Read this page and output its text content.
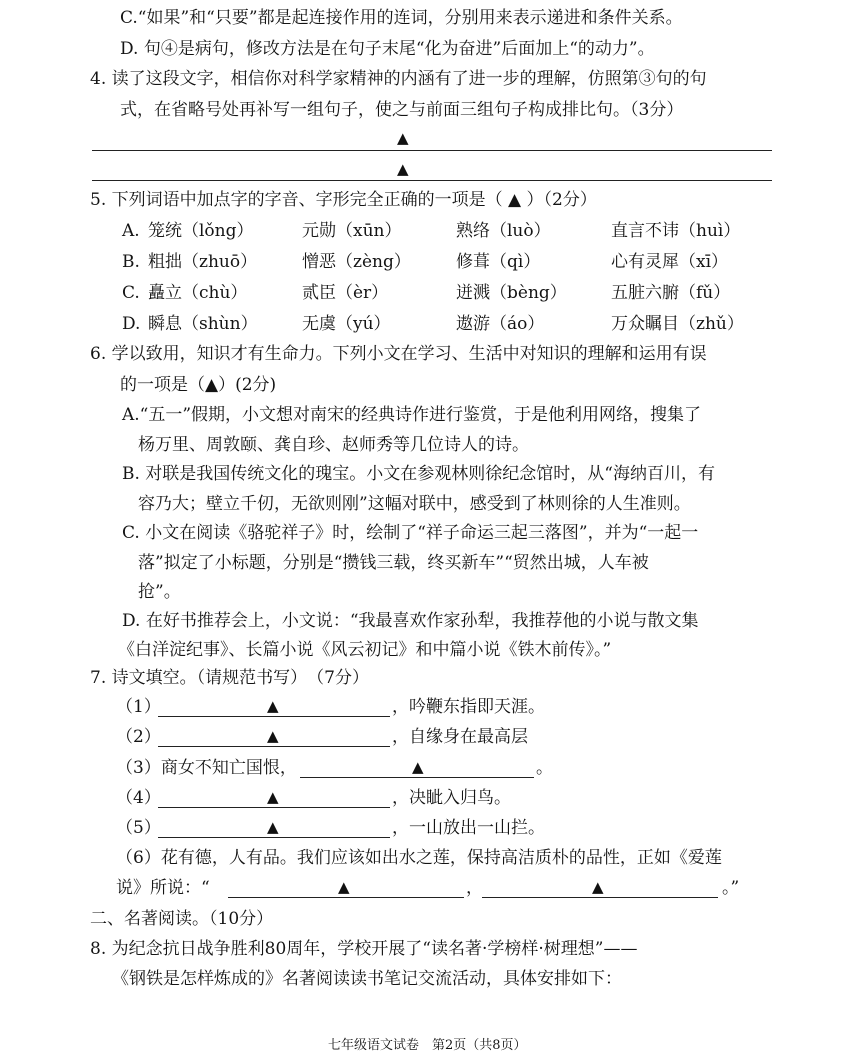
C.“如果”和“只要”都是起连接作用的连词，分别用来表示递进和条件关系。
D. 句④是病句，修改方法是在句子末尾“化为奋进”后面加上“的动力”。
4. 读了这段文字，相信你对科学家精神的内涵有了进一步的理解，仿照第③句的句
式，在省略号处再补写一组句子，使之与前面三组句子构成排比句。（3分）
▲
▲
5. 下列词语中加点字的字音、字形完全正确的一项是（ ▲ ）（2分）
A. 笼统（lǒng）	元勋（xūn）	熟络（luò）	直言不讳（huì）
B. 粗拙（zhuō）	憎恶（zèng）	修葺（qì）	心有灵犀（xī）
C. 矗立（chù）	贰臣（èr）	迸溅（bèng）	五脏六腑（fǔ）
D. 瞬息（shùn）	无虞（yú）	遨游（áo）	万众瞩目（zhǔ）
6. 学以致用，知识才有生命力。下列小文在学习、生活中对知识的理解和运用有误
的一项是（▲）(2分)
A.“五一”假期，小文想对南宋的经典诗作进行鉴赏，于是他利用网络，搜集了
杨万里、周敦颐、龚自珍、赵师秀等几位诗人的诗。
B. 对联是我国传统文化的瑰宝。小文在参观林则徐纪念馆时，从“海纳百川，有
容乃大；壁立千仞，无欲则刚”这幅对联中，感受到了林则徐的人生准则。
C. 小文在阅读《骆驼祥子》时，绘制了“祥子命运三起三落图”，并为“一起一
落”拟定了小标题，分别是“攒钱三载，终买新车”“贸然出城，人车被
抢”。
D. 在好书推荐会上，小文说：“我最喜欢作家孙犁，我推荐他的小说与散文集
《白洋淀纪事》、长篇小说《风云初记》和中篇小说《铁木前传》。”
7. 诗文填空。（请规范书写）　（7分）
（1）	▲	，吟鞭东指即天涯。
（2）	▲	，自缘身在最高层
（3）商女不知亡国恨，	▲	。
（4）	▲	，决眦入归鸟。
（5）	▲	，一山放出一山拦。
（6）花有德，人有品。我们应该如出水之莲，保持高洁质朴的品性，正如《爱莲
说》所说：“	▲	，	▲	。”
二、名著阅读。（10分）
8. 为纪念抗日战争胜利80周年，学校开展了“读名著·学榜样·树理想”——
《钢铁是怎样炼成的》名著阅读读书笔记交流活动，具体安排如下：
七年级语文试卷　第2页（共8页）
